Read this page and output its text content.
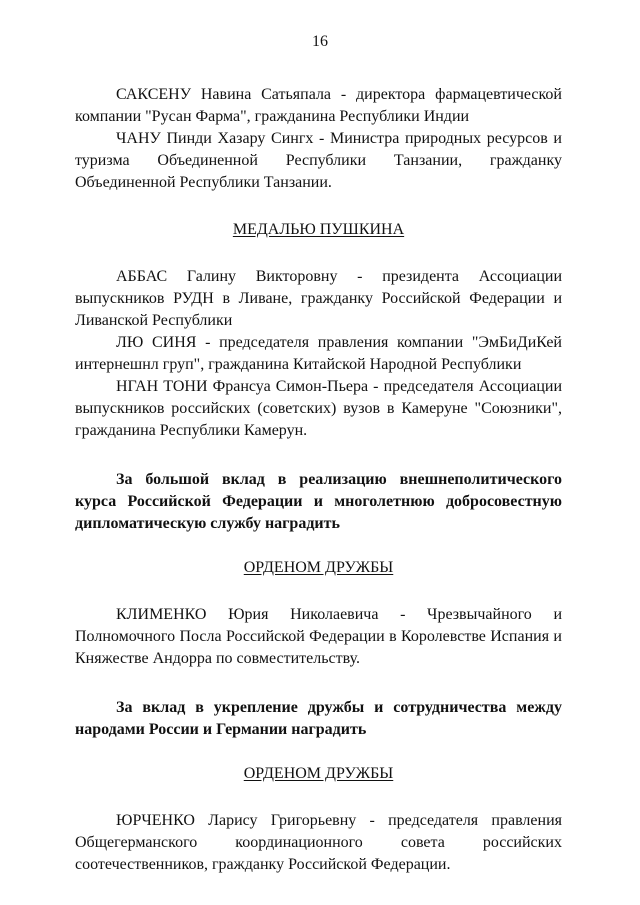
16

САКСЕНУ Навина Сатьяпала - директора фармацевтической компании "Русан Фарма", гражданина Республики Индии

ЧАНУ Пинди Хазару Сингх - Министра природных ресурсов и туризма Объединенной Республики Танзании, гражданку Объединенной Республики Танзании.

МЕДАЛЬЮ ПУШКИНА

АББАС Галину Викторовну - президента Ассоциации выпускников РУДН в Ливане, гражданку Российской Федерации и Ливанской Республики

ЛЮ СИНЯ - председателя правления компании "ЭмБиДиКей интернешнл груп", гражданина Китайской Народной Республики

НГАН ТОНИ Франсуа Симон-Пьера - председателя Ассоциации выпускников российских (советских) вузов в Камеруне "Союзники", гражданина Республики Камерун.

За большой вклад в реализацию внешнеполитического курса Российской Федерации и многолетнюю добросовестную дипломатическую службу наградить

ОРДЕНОМ ДРУЖБЫ

КЛИМЕНКО Юрия Николаевича - Чрезвычайного и Полномочного Посла Российской Федерации в Королевстве Испания и Княжестве Андорра по совместительству.

За вклад в укрепление дружбы и сотрудничества между народами России и Германии наградить

ОРДЕНОМ ДРУЖБЫ

ЮРЧЕНКО Ларису Григорьевну - председателя правления Общегерманского координационного совета российских соотечественников, гражданку Российской Федерации.
